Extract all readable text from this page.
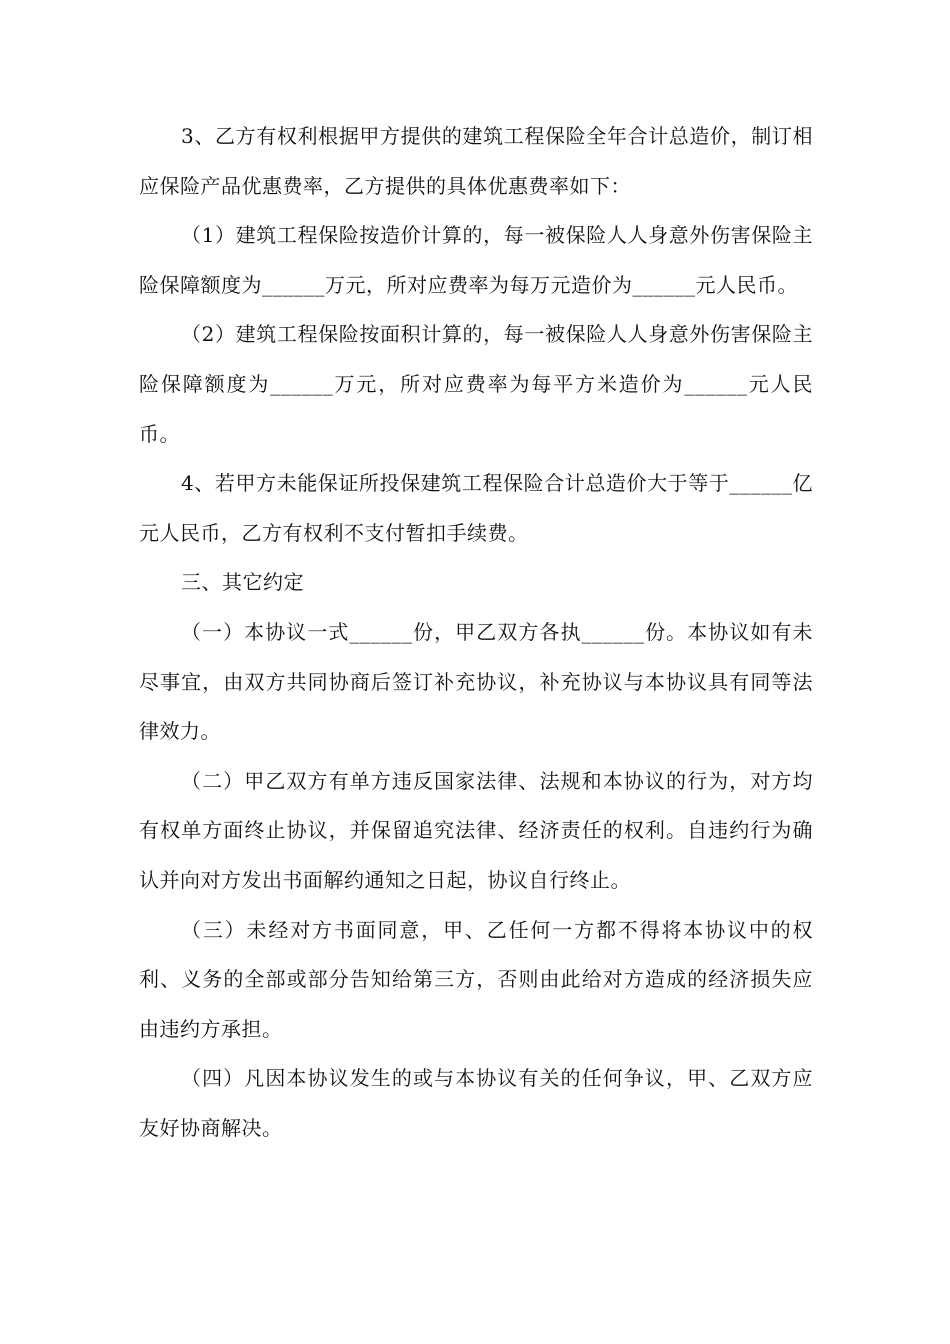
3、乙方有权利根据甲方提供的建筑工程保险全年合计总造价，制订相应保险产品优惠费率，乙方提供的具体优惠费率如下：

（1）建筑工程保险按造价计算的，每一被保险人人身意外伤害保险主险保障额度为______万元，所对应费率为每万元造价为______元人民币。

（2）建筑工程保险按面积计算的，每一被保险人人身意外伤害保险主险保障额度为______万元，所对应费率为每平方米造价为______元人民币。

4、若甲方未能保证所投保建筑工程保险合计总造价大于等于______亿元人民币，乙方有权利不支付暂扣手续费。

三、其它约定

（一）本协议一式______份，甲乙双方各执______份。本协议如有未尽事宜，由双方共同协商后签订补充协议，补充协议与本协议具有同等法律效力。

（二）甲乙双方有单方违反国家法律、法规和本协议的行为，对方均有权单方面终止协议，并保留追究法律、经济责任的权利。自违约行为确认并向对方发出书面解约通知之日起，协议自行终止。

（三）未经对方书面同意，甲、乙任何一方都不得将本协议中的权利、义务的全部或部分告知给第三方，否则由此给对方造成的经济损失应由违约方承担。

（四）凡因本协议发生的或与本协议有关的任何争议，甲、乙双方应友好协商解决。
